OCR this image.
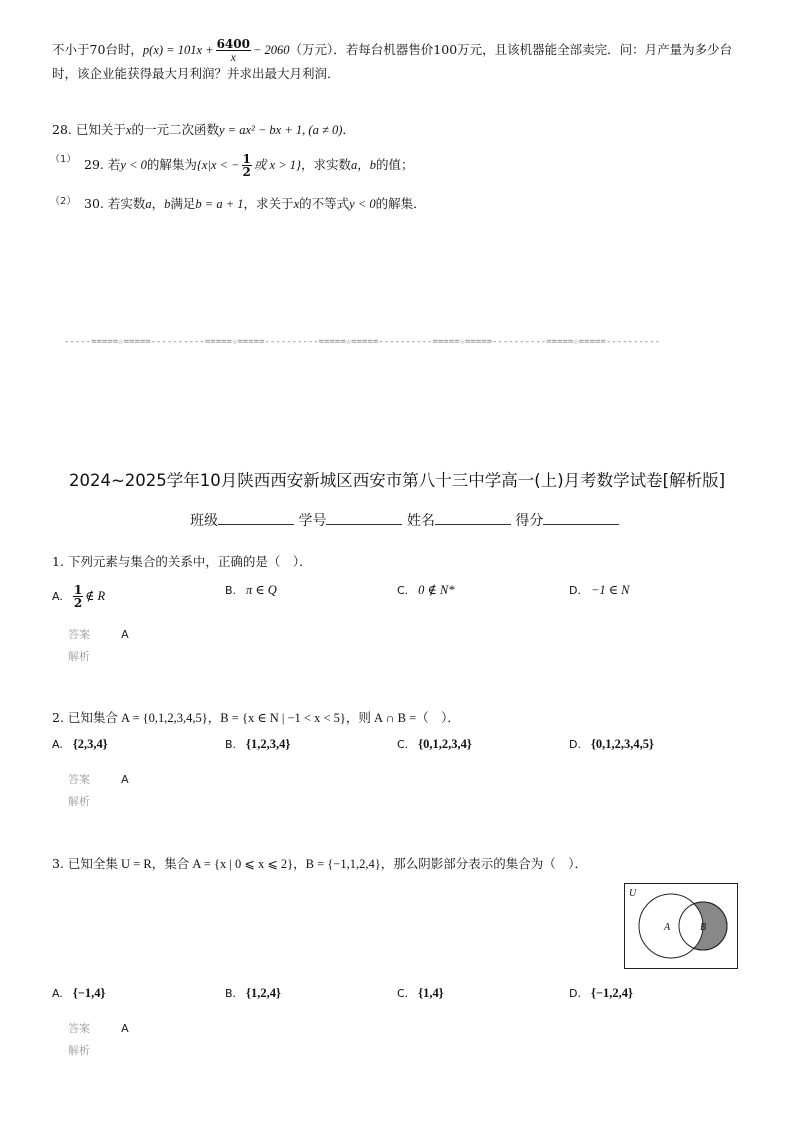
不小于70台时，$p(x) = 101x + \frac{6400}{x} - 2060$（万元）．若每台机器售价100万元，且该机器能全部卖完．问：月产量为多少台
时，该企业能获得最大月利润？并求出最大月利润．
28. 已知关于x的一元二次函数y = ax² − bx + 1, (a ≠ 0)．
（1） 29. 若y < 0的解集为{x|x < − $\frac{1}{2}$ 或 x > 1}，求实数a，b的值；
（2） 30. 若实数a，b满足b = a + 1，求关于x的不等式y < 0的解集．
-----=====☆=====----------=====☆=====----------=====☆=====----------=====☆=====----------=====☆=====----------
2024~2025学年10月陕西西安新城区西安市第八十三中学高一(上)月考数学试卷[解析版]
班级	学号	姓名	得分
1. 下列元素与集合的关系中，正确的是（　）．
A. $\frac{1}{2}$ ∉ R	B. π ∈ Q	C. 0 ∉ N*	D. −1 ∈ N
答案	A
解析
2. 已知集合 A = {0,1,2,3,4,5}，B = {x ∈ N | −1 < x < 5}，则 A ∩ B =（　）．
A. {2,3,4}	B. {1,2,3,4}	C. {0,1,2,3,4}	D. {0,1,2,3,4,5}
答案	A
解析
3. 已知全集 U = R，集合 A = {x | 0 ⩽ x ⩽ 2}，B = {−1,1,2,4}，那么阴影部分表示的集合为（　）．
U
A	B
A. {−1,4}	B. {1,2,4}	C. {1,4}	D. {−1,2,4}
答案	A
解析
